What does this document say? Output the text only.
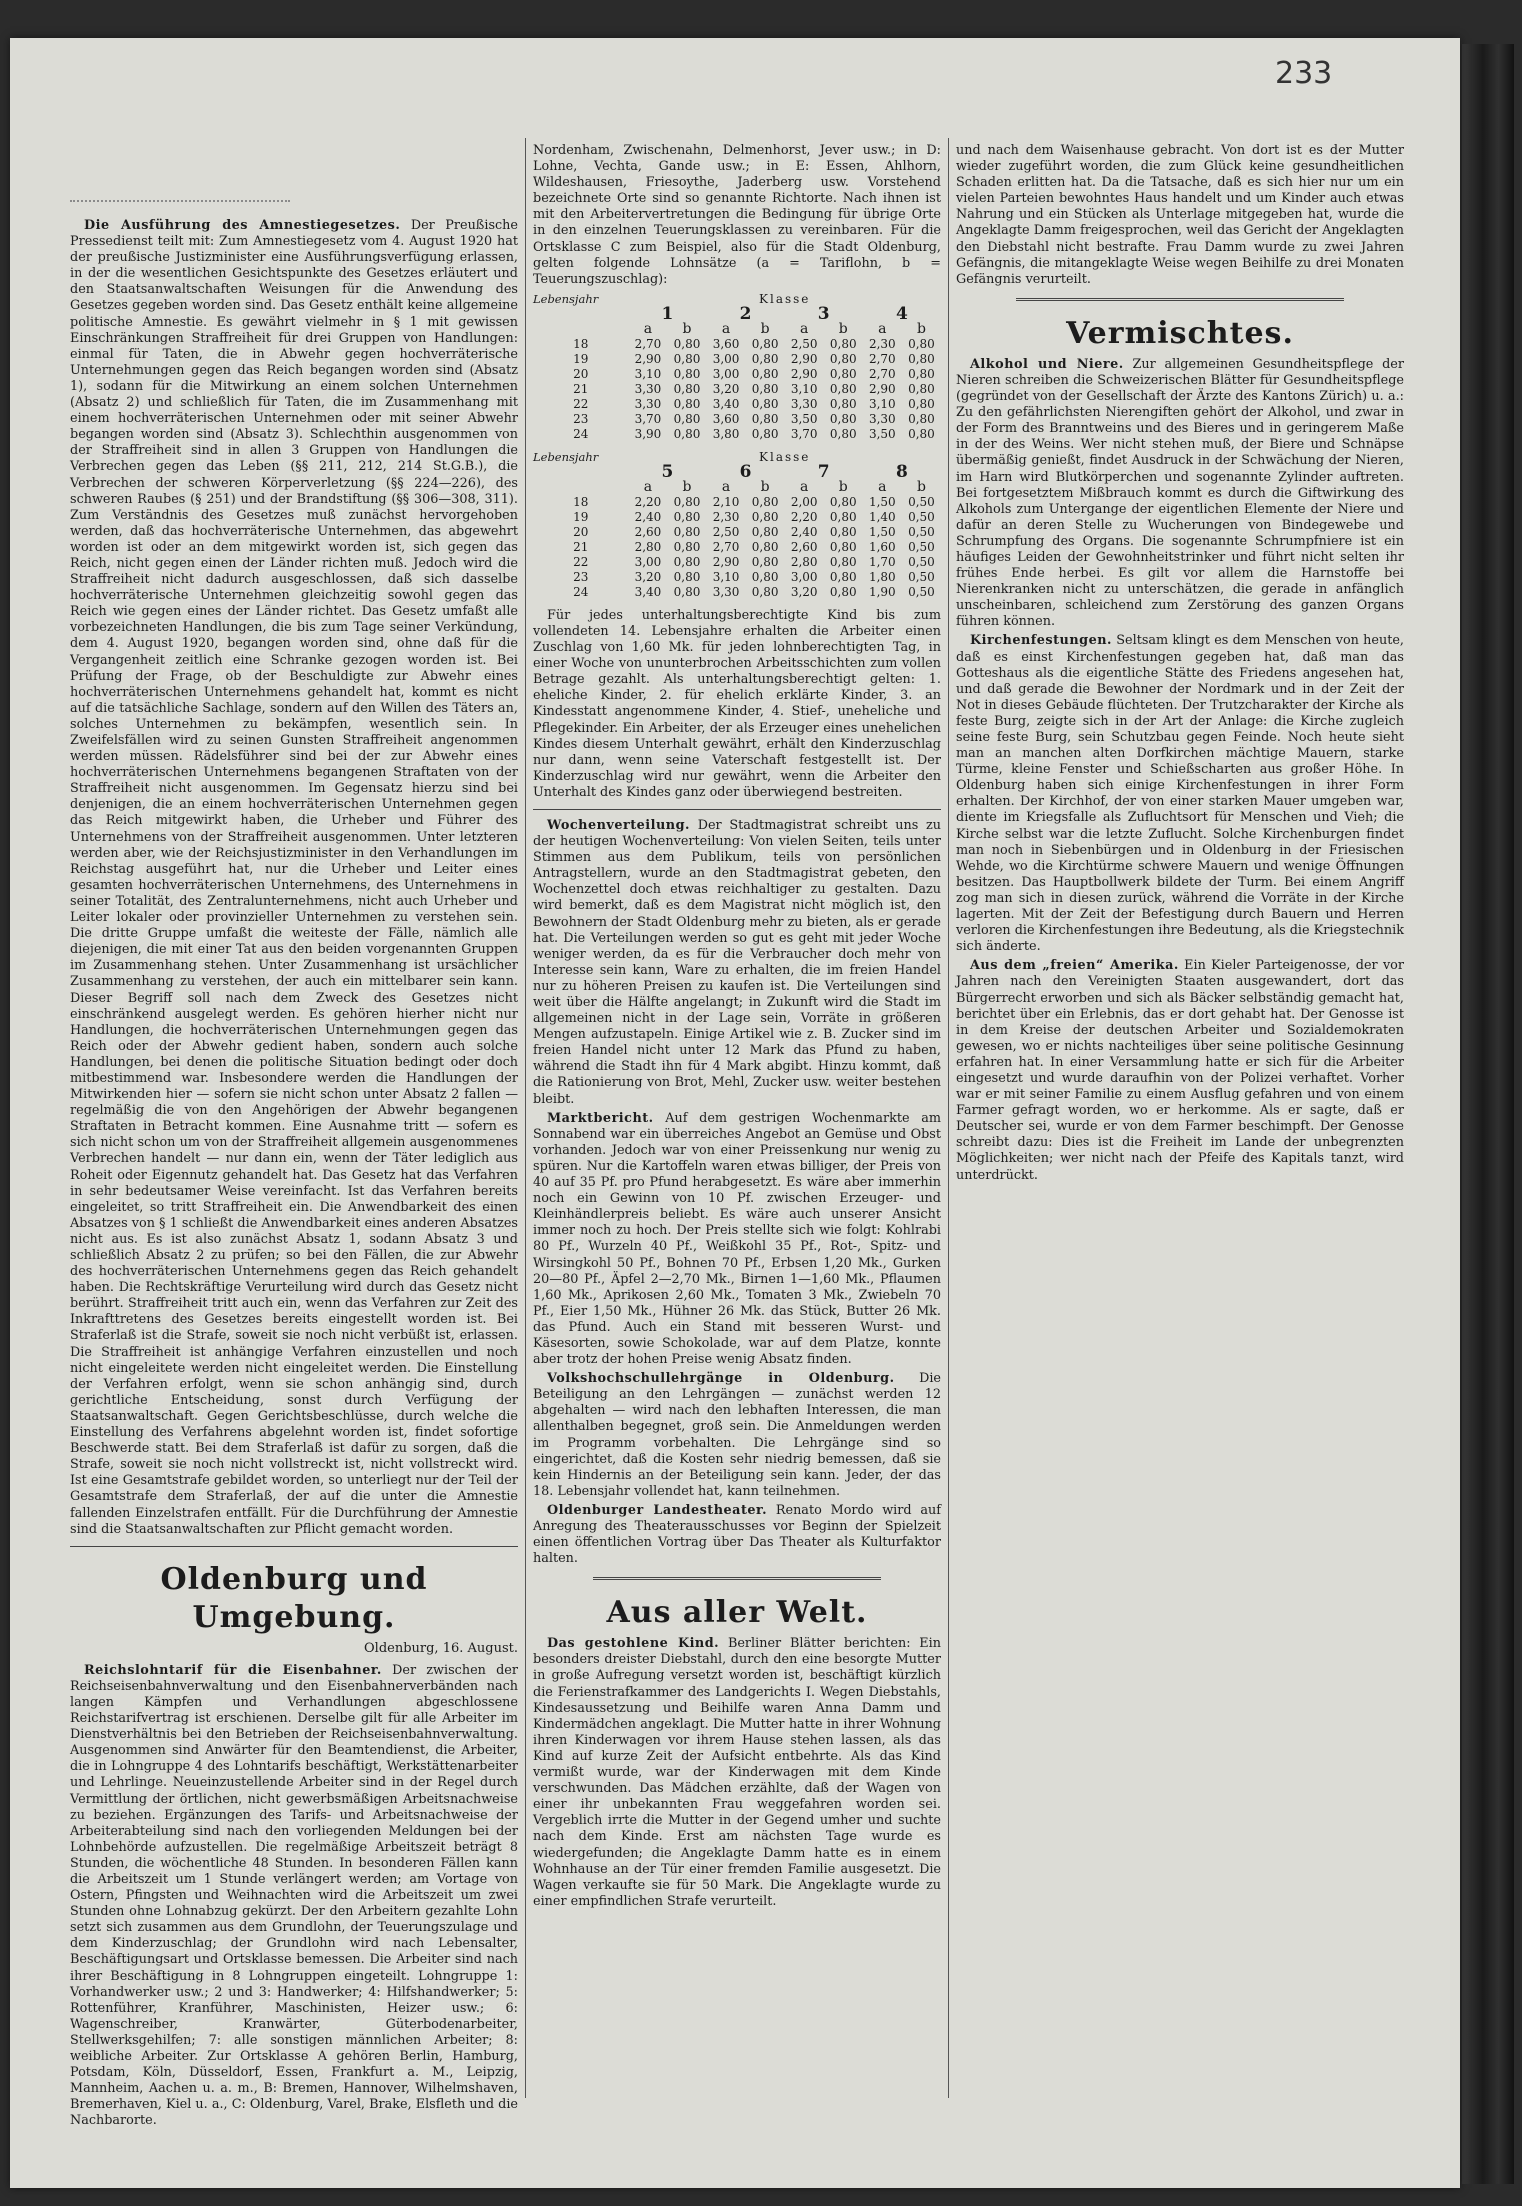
233

Die Ausführung des Amnestiegesetzes. Der Preußische Pressedienst teilt mit: Zum Amnestiegesetz vom 4. August 1920 hat der preußische Justizminister eine Ausführungsverfügung erlassen, in der die wesentlichen Gesichtspunkte des Gesetzes erläutert und den Staatsanwaltschaften Weisungen für die Anwendung des Gesetzes gegeben worden sind. Das Gesetz enthält keine allgemeine politische Amnestie. Es gewährt vielmehr in § 1 mit gewissen Einschränkungen Straffreiheit für drei Gruppen von Handlungen: einmal für Taten, die in Abwehr gegen hochverräterische Unternehmungen gegen das Reich begangen worden sind (Absatz 1), sodann für die Mitwirkung an einem solchen Unternehmen (Absatz 2) und schließlich für Taten, die im Zusammenhang mit einem hochverräterischen Unternehmen oder mit seiner Abwehr begangen worden sind (Absatz 3). Schlechthin ausgenommen von der Straffreiheit sind in allen 3 Gruppen von Handlungen die Verbrechen gegen das Leben (§§ 211, 212, 214 St.G.B.), die Verbrechen der schweren Körperverletzung (§§ 224—226), des schweren Raubes (§ 251) und der Brandstiftung (§§ 306—308, 311). Zum Verständnis des Gesetzes muß zunächst hervorgehoben werden, daß das hochverräterische Unternehmen, das abgewehrt worden ist oder an dem mitgewirkt worden ist, sich gegen das Reich, nicht gegen einen der Länder richten muß. Jedoch wird die Straffreiheit nicht dadurch ausgeschlossen, daß sich dasselbe hochverräterische Unternehmen gleichzeitig sowohl gegen das Reich wie gegen eines der Länder richtet. Das Gesetz umfaßt alle vorbezeichneten Handlungen, die bis zum Tage seiner Verkündung, dem 4. August 1920, begangen worden sind, ohne daß für die Vergangenheit zeitlich eine Schranke gezogen worden ist. Bei Prüfung der Frage, ob der Beschuldigte zur Abwehr eines hochverräterischen Unternehmens gehandelt hat, kommt es nicht auf die tatsächliche Sachlage, sondern auf den Willen des Täters an, solches Unternehmen zu bekämpfen, wesentlich sein. In Zweifelsfällen wird zu seinen Gunsten Straffreiheit angenommen werden müssen. Rädelsführer sind bei der zur Abwehr eines hochverräterischen Unternehmens begangenen Straftaten von der Straffreiheit nicht ausgenommen. Im Gegensatz hierzu sind bei denjenigen, die an einem hochverräterischen Unternehmen gegen das Reich mitgewirkt haben, die Urheber und Führer des Unternehmens von der Straffreiheit ausgenommen. Unter letzteren werden aber, wie der Reichsjustizminister in den Verhandlungen im Reichstag ausgeführt hat, nur die Urheber und Leiter eines gesamten hochverräterischen Unternehmens, des Unternehmens in seiner Totalität, des Zentralunternehmens, nicht auch Urheber und Leiter lokaler oder provinzieller Unternehmen zu verstehen sein. Die dritte Gruppe umfaßt die weiteste der Fälle, nämlich alle diejenigen, die mit einer Tat aus den beiden vorgenannten Gruppen im Zusammenhang stehen. Unter Zusammenhang ist ursächlicher Zusammenhang zu verstehen, der auch ein mittelbarer sein kann. Dieser Begriff soll nach dem Zweck des Gesetzes nicht einschränkend ausgelegt werden. Es gehören hierher nicht nur Handlungen, die hochverräterischen Unternehmungen gegen das Reich oder der Abwehr gedient haben, sondern auch solche Handlungen, bei denen die politische Situation bedingt oder doch mitbestimmend war. Insbesondere werden die Handlungen der Mitwirkenden hier — sofern sie nicht schon unter Absatz 2 fallen — regelmäßig die von den Angehörigen der Abwehr begangenen Straftaten in Betracht kommen. Eine Ausnahme tritt — sofern es sich nicht schon um von der Straffreiheit allgemein ausgenommenes Verbrechen handelt — nur dann ein, wenn der Täter lediglich aus Roheit oder Eigennutz gehandelt hat. Das Gesetz hat das Verfahren in sehr bedeutsamer Weise vereinfacht. Ist das Verfahren bereits eingeleitet, so tritt Straffreiheit ein. Die Anwendbarkeit des einen Absatzes von § 1 schließt die Anwendbarkeit eines anderen Absatzes nicht aus. Es ist also zunächst Absatz 1, sodann Absatz 3 und schließlich Absatz 2 zu prüfen; so bei den Fällen, die zur Abwehr des hochverräterischen Unternehmens gegen das Reich gehandelt haben. Die Rechtskräftige Verurteilung wird durch das Gesetz nicht berührt. Straffreiheit tritt auch ein, wenn das Verfahren zur Zeit des Inkrafttretens des Gesetzes bereits eingestellt worden ist. Bei Straferlaß ist die Strafe, soweit sie noch nicht verbüßt ist, erlassen. Die Straffreiheit ist anhängige Verfahren einzustellen und noch nicht eingeleitete werden nicht eingeleitet werden. Die Einstellung der Verfahren erfolgt, wenn sie schon anhängig sind, durch gerichtliche Entscheidung, sonst durch Verfügung der Staatsanwaltschaft. Gegen Gerichtsbeschlüsse, durch welche die Einstellung des Verfahrens abgelehnt worden ist, findet sofortige Beschwerde statt. Bei dem Straferlaß ist dafür zu sorgen, daß die Strafe, soweit sie noch nicht vollstreckt ist, nicht vollstreckt wird. Ist eine Gesamtstrafe gebildet worden, so unterliegt nur der Teil der Gesamtstrafe dem Straferlaß, der auf die unter die Amnestie fallenden Einzelstrafen entfällt. Für die Durchführung der Amnestie sind die Staatsanwaltschaften zur Pflicht gemacht worden.

Oldenburg und Umgebung.
Oldenburg, 16. August.

Reichslohntarif für die Eisenbahner. Der zwischen der Reichseisenbahnverwaltung und den Eisenbahnerverbänden nach langen Kämpfen und Verhandlungen abgeschlossene Reichstarifvertrag ist erschienen. Derselbe gilt für alle Arbeiter im Dienstverhältnis bei den Betrieben der Reichseisenbahnverwaltung. Ausgenommen sind Anwärter für den Beamtendienst, die Arbeiter, die in Lohngruppe 4 des Lohntarifs beschäftigt, Werkstättenarbeiter und Lehrlinge. Neueinzustellende Arbeiter sind in der Regel durch Vermittlung der örtlichen, nicht gewerbsmäßigen Arbeitsnachweise zu beziehen. Ergänzungen des Tarifs- und Arbeitsnachweise der Arbeiterabteilung sind nach den vorliegenden Meldungen bei der Lohnbehörde aufzustellen. Die regelmäßige Arbeitszeit beträgt 8 Stunden, die wöchentliche 48 Stunden. In besonderen Fällen kann die Arbeitszeit um 1 Stunde verlängert werden; am Vortage von Ostern, Pfingsten und Weihnachten wird die Arbeitszeit um zwei Stunden ohne Lohnabzug gekürzt. Der den Arbeitern gezahlte Lohn setzt sich zusammen aus dem Grundlohn, der Teuerungszulage und dem Kinderzuschlag; der Grundlohn wird nach Lebensalter, Beschäftigungsart und Ortsklasse bemessen. Die Arbeiter sind nach ihrer Beschäftigung in 8 Lohngruppen eingeteilt. Lohngruppe 1: Vorhandwerker usw.; 2 und 3: Handwerker; 4: Hilfshandwerker; 5: Rottenführer, Kranführer, Maschinisten, Heizer usw.; 6: Wagenschreiber, Kranwärter, Güterbodenarbeiter, Stellwerksgehilfen; 7: alle sonstigen männlichen Arbeiter; 8: weibliche Arbeiter. Zur Ortsklasse A gehören Berlin, Hamburg, Potsdam, Köln, Düsseldorf, Essen, Frankfurt a. M., Leipzig, Mannheim, Aachen u. a. m., B: Bremen, Hannover, Wilhelmshaven, Bremerhaven, Kiel u. a., C: Oldenburg, Varel, Brake, Elsfleth und die Nachbarorte.

Nordenham, Zwischenahn, Delmenhorst, Jever usw.; in D: Lohne, Vechta, Gande usw.; in E: Essen, Ahlhorn, Wildeshausen, Friesoythe, Jaderberg usw. Vorstehend bezeichnete Orte sind so genannte Richtorte. Nach ihnen ist mit den Arbeitervertretungen die Bedingung für übrige Orte in den einzelnen Teuerungsklassen zu vereinbaren. Für die Ortsklasse C zum Beispiel, also für die Stadt Oldenburg, gelten folgende Lohnsätze (a = Tariflohn, b = Teuerungszuschlag):

Lebensjahr	Klasse							
	1		2		3		4	
	a	b	a	b	a	b	a	b
18	2,70	0,80	3,60	0,80	2,50	0,80	2,30	0,80
19	2,90	0,80	3,00	0,80	2,90	0,80	2,70	0,80
20	3,10	0,80	3,00	0,80	2,90	0,80	2,70	0,80
21	3,30	0,80	3,20	0,80	3,10	0,80	2,90	0,80
22	3,30	0,80	3,40	0,80	3,30	0,80	3,10	0,80
23	3,70	0,80	3,60	0,80	3,50	0,80	3,30	0,80
24	3,90	0,80	3,80	0,80	3,70	0,80	3,50	0,80
Lebensjahr	Klasse							
	5		6		7		8	
	a	b	a	b	a	b	a	b
18	2,20	0,80	2,10	0,80	2,00	0,80	1,50	0,50
19	2,40	0,80	2,30	0,80	2,20	0,80	1,40	0,50
20	2,60	0,80	2,50	0,80	2,40	0,80	1,50	0,50
21	2,80	0,80	2,70	0,80	2,60	0,80	1,60	0,50
22	3,00	0,80	2,90	0,80	2,80	0,80	1,70	0,50
23	3,20	0,80	3,10	0,80	3,00	0,80	1,80	0,50
24	3,40	0,80	3,30	0,80	3,20	0,80	1,90	0,50

Für jedes unterhaltungsberechtigte Kind bis zum vollendeten 14. Lebensjahre erhalten die Arbeiter einen Zuschlag von 1,60 Mk. für jeden lohnberechtigten Tag, in einer Woche von ununterbrochen Arbeitsschichten zum vollen Betrage gezahlt. Als unterhaltungsberechtigt gelten: 1. eheliche Kinder, 2. für ehelich erklärte Kinder, 3. an Kindesstatt angenommene Kinder, 4. Stief-, uneheliche und Pflegekinder. Ein Arbeiter, der als Erzeuger eines unehelichen Kindes diesem Unterhalt gewährt, erhält den Kinderzuschlag nur dann, wenn seine Vaterschaft festgestellt ist. Der Kinderzuschlag wird nur gewährt, wenn die Arbeiter den Unterhalt des Kindes ganz oder überwiegend bestreiten.

Wochenverteilung. Der Stadtmagistrat schreibt uns zu der heutigen Wochenverteilung: Von vielen Seiten, teils unter Stimmen aus dem Publikum, teils von persönlichen Antragstellern, wurde an den Stadtmagistrat gebeten, den Wochenzettel doch etwas reichhaltiger zu gestalten. Dazu wird bemerkt, daß es dem Magistrat nicht möglich ist, den Bewohnern der Stadt Oldenburg mehr zu bieten, als er gerade hat. Die Verteilungen werden so gut es geht mit jeder Woche weniger werden, da es für die Verbraucher doch mehr von Interesse sein kann, Ware zu erhalten, die im freien Handel nur zu höheren Preisen zu kaufen ist. Die Verteilungen sind weit über die Hälfte angelangt; in Zukunft wird die Stadt im allgemeinen nicht in der Lage sein, Vorräte in größeren Mengen aufzustapeln. Einige Artikel wie z. B. Zucker sind im freien Handel nicht unter 12 Mark das Pfund zu haben, während die Stadt ihn für 4 Mark abgibt. Hinzu kommt, daß die Rationierung von Brot, Mehl, Zucker usw. weiter bestehen bleibt.

Marktbericht. Auf dem gestrigen Wochenmarkte am Sonnabend war ein überreiches Angebot an Gemüse und Obst vorhanden. Jedoch war von einer Preissenkung nur wenig zu spüren. Nur die Kartoffeln waren etwas billiger, der Preis von 40 auf 35 Pf. pro Pfund herabgesetzt. Es wäre aber immerhin noch ein Gewinn von 10 Pf. zwischen Erzeuger- und Kleinhändlerpreis beliebt. Es wäre auch unserer Ansicht immer noch zu hoch. Der Preis stellte sich wie folgt: Kohlrabi 80 Pf., Wurzeln 40 Pf., Weißkohl 35 Pf., Rot-, Spitz- und Wirsingkohl 50 Pf., Bohnen 70 Pf., Erbsen 1,20 Mk., Gurken 20—80 Pf., Äpfel 2—2,70 Mk., Birnen 1—1,60 Mk., Pflaumen 1,60 Mk., Aprikosen 2,60 Mk., Tomaten 3 Mk., Zwiebeln 70 Pf., Eier 1,50 Mk., Hühner 26 Mk. das Stück, Butter 26 Mk. das Pfund. Auch ein Stand mit besseren Wurst- und Käsesorten, sowie Schokolade, war auf dem Platze, konnte aber trotz der hohen Preise wenig Absatz finden.

Volkshochschullehrgänge in Oldenburg. Die Beteiligung an den Lehrgängen — zunächst werden 12 abgehalten — wird nach den lebhaften Interessen, die man allenthalben begegnet, groß sein. Die Anmeldungen werden im Programm vorbehalten. Die Lehrgänge sind so eingerichtet, daß die Kosten sehr niedrig bemessen, daß sie kein Hindernis an der Beteiligung sein kann. Jeder, der das 18. Lebensjahr vollendet hat, kann teilnehmen.

Oldenburger Landestheater. Renato Mordo wird auf Anregung des Theaterausschusses vor Beginn der Spielzeit einen öffentlichen Vortrag über Das Theater als Kulturfaktor halten.

Aus aller Welt.

Das gestohlene Kind. Berliner Blätter berichten: Ein besonders dreister Diebstahl, durch den eine besorgte Mutter in große Aufregung versetzt worden ist, beschäftigt kürzlich die Ferienstrafkammer des Landgerichts I. Wegen Diebstahls, Kindesaussetzung und Beihilfe waren Anna Damm und Kindermädchen angeklagt. Die Mutter hatte in ihrer Wohnung ihren Kinderwagen vor ihrem Hause stehen lassen, als das Kind auf kurze Zeit der Aufsicht entbehrte. Als das Kind vermißt wurde, war der Kinderwagen mit dem Kinde verschwunden. Das Mädchen erzählte, daß der Wagen von einer ihr unbekannten Frau weggefahren worden sei. Vergeblich irrte die Mutter in der Gegend umher und suchte nach dem Kinde. Erst am nächsten Tage wurde es wiedergefunden; die Angeklagte Damm hatte es in einem Wohnhause an der Tür einer fremden Familie ausgesetzt. Die Wagen verkaufte sie für 50 Mark. Die Angeklagte wurde zu einer empfindlichen Strafe verurteilt.

und nach dem Waisenhause gebracht. Von dort ist es der Mutter wieder zugeführt worden, die zum Glück keine gesundheitlichen Schaden erlitten hat. Da die Tatsache, daß es sich hier nur um ein vielen Parteien bewohntes Haus handelt und um Kinder auch etwas Nahrung und ein Stücken als Unterlage mitgegeben hat, wurde die Angeklagte Damm freigesprochen, weil das Gericht der Angeklagten den Diebstahl nicht bestrafte. Frau Damm wurde zu zwei Jahren Gefängnis, die mitangeklagte Weise wegen Beihilfe zu drei Monaten Gefängnis verurteilt.

Vermischtes.

Alkohol und Niere. Zur allgemeinen Gesundheitspflege der Nieren schreiben die Schweizerischen Blätter für Gesundheitspflege (gegründet von der Gesellschaft der Ärzte des Kantons Zürich) u. a.: Zu den gefährlichsten Nierengiften gehört der Alkohol, und zwar in der Form des Branntweins und des Bieres und in geringerem Maße in der des Weins. Wer nicht stehen muß, der Biere und Schnäpse übermäßig genießt, findet Ausdruck in der Schwächung der Nieren, im Harn wird Blutkörperchen und sogenannte Zylinder auftreten. Bei fortgesetztem Mißbrauch kommt es durch die Giftwirkung des Alkohols zum Untergange der eigentlichen Elemente der Niere und dafür an deren Stelle zu Wucherungen von Bindegewebe und Schrumpfung des Organs. Die sogenannte Schrumpfniere ist ein häufiges Leiden der Gewohnheitstrinker und führt nicht selten ihr frühes Ende herbei. Es gilt vor allem die Harnstoffe bei Nierenkranken nicht zu unterschätzen, die gerade in anfänglich unscheinbaren, schleichend zum Zerstörung des ganzen Organs führen können.

Kirchenfestungen. Seltsam klingt es dem Menschen von heute, daß es einst Kirchenfestungen gegeben hat, daß man das Gotteshaus als die eigentliche Stätte des Friedens angesehen hat, und daß gerade die Bewohner der Nordmark und in der Zeit der Not in dieses Gebäude flüchteten. Der Trutzcharakter der Kirche als feste Burg, zeigte sich in der Art der Anlage: die Kirche zugleich seine feste Burg, sein Schutzbau gegen Feinde. Noch heute sieht man an manchen alten Dorfkirchen mächtige Mauern, starke Türme, kleine Fenster und Schießscharten aus großer Höhe. In Oldenburg haben sich einige Kirchenfestungen in ihrer Form erhalten. Der Kirchhof, der von einer starken Mauer umgeben war, diente im Kriegsfalle als Zufluchtsort für Menschen und Vieh; die Kirche selbst war die letzte Zuflucht. Solche Kirchenburgen findet man noch in Siebenbürgen und in Oldenburg in der Friesischen Wehde, wo die Kirchtürme schwere Mauern und wenige Öffnungen besitzen. Das Hauptbollwerk bildete der Turm. Bei einem Angriff zog man sich in diesen zurück, während die Vorräte in der Kirche lagerten. Mit der Zeit der Befestigung durch Bauern und Herren verloren die Kirchenfestungen ihre Bedeutung, als die Kriegstechnik sich änderte.

Aus dem „freien“ Amerika. Ein Kieler Parteigenosse, der vor Jahren nach den Vereinigten Staaten ausgewandert, dort das Bürgerrecht erworben und sich als Bäcker selbständig gemacht hat, berichtet über ein Erlebnis, das er dort gehabt hat. Der Genosse ist in dem Kreise der deutschen Arbeiter und Sozialdemokraten gewesen, wo er nichts nachteiliges über seine politische Gesinnung erfahren hat. In einer Versammlung hatte er sich für die Arbeiter eingesetzt und wurde daraufhin von der Polizei verhaftet. Vorher war er mit seiner Familie zu einem Ausflug gefahren und von einem Farmer gefragt worden, wo er herkomme. Als er sagte, daß er Deutscher sei, wurde er von dem Farmer beschimpft. Der Genosse schreibt dazu: Dies ist die Freiheit im Lande der unbegrenzten Möglichkeiten; wer nicht nach der Pfeife des Kapitals tanzt, wird unterdrückt.
